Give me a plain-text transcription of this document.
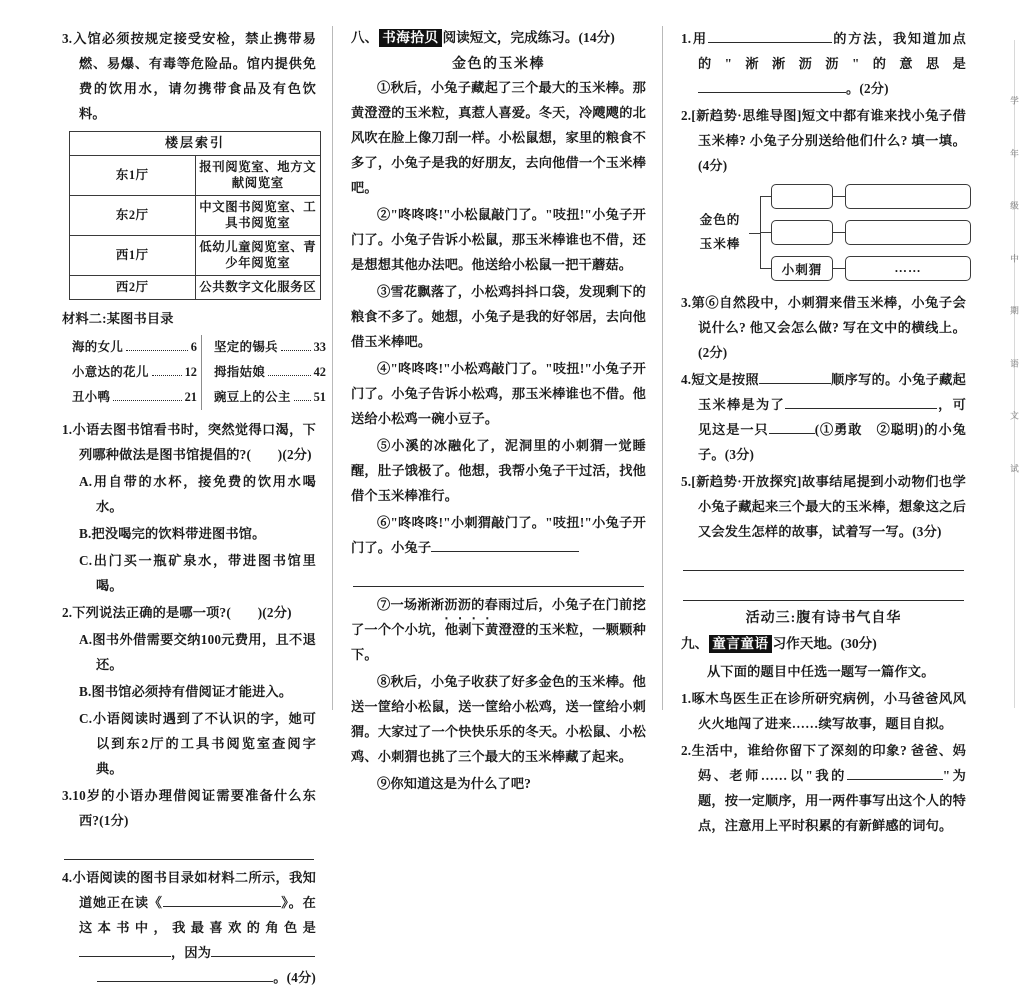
3.入馆必须按规定接受安检，禁止携带易燃、易爆、有毒等危险品。馆内提供免费的饮用水，请勿携带食品及有色饮料。

楼层索引	
东1厅	报刊阅览室、地方文献阅览室
东2厅	中文图书阅览室、工具书阅览室
西1厅	低幼儿童阅览室、青少年阅览室
西2厅	公共数字文化服务区

材料二:某图书目录

海的女儿	6
小意达的花儿	12
丑小鸭	21
坚定的锡兵	33
拇指姑娘	42
豌豆上的公主 51

1.小语去图书馆看书时，突然觉得口渴，下列哪种做法是图书馆提倡的?(　　)(2分)

A.用自带的水杯，接免费的饮用水喝水。

B.把没喝完的饮料带进图书馆。

C.出门买一瓶矿泉水，带进图书馆里喝。

2.下列说法正确的是哪一项?(　　)(2分)

A.图书外借需要交纳100元费用，且不退还。

B.图书馆必须持有借阅证才能进入。

C.小语阅读时遇到了不认识的字，她可以到东2厅的工具书阅览室查阅字典。

3.10岁的小语办理借阅证需要准备什么东西?(1分)

4.小语阅读的图书目录如材料二所示，我知道她正在读《	》。在这本书中，我最喜欢的角色是，因为

。(4分)

八、 书海拾贝 阅读短文，完成练习。(14分)

金色的玉米棒

①秋后，小兔子藏起了三个最大的玉米棒。那黄澄澄的玉米粒，真惹人喜爱。冬天，冷飕飕的北风吹在脸上像刀刮一样。小松鼠想，家里的粮食不多了，小兔子是我的好朋友，去向他借一个玉米棒吧。

②"咚咚咚!"小松鼠敲门了。"吱扭!"小兔子开门了。小兔子告诉小松鼠，那玉米棒谁也不借，还是想想其他办法吧。他送给小松鼠一把干蘑菇。

③雪花飘落了，小松鸡抖抖口袋，发现剩下的粮食不多了。她想，小兔子是我的好邻居，去向他借玉米棒吧。

④"咚咚咚!"小松鸡敲门了。"吱扭!"小兔子开门了。小兔子告诉小松鸡，那玉米棒谁也不借。他送给小松鸡一碗小豆子。

⑤小溪的冰融化了，泥洞里的小刺猬一觉睡醒，肚子饿极了。他想，我帮小兔子干过活，找他借个玉米棒准行。

⑥"咚咚咚!"小刺猬敲门了。"吱扭!"小兔子开门了。小兔子

⑦一场淅淅沥沥 ‧‧‧‧的春雨过后，小兔子在门前挖了一个个小坑，他剥下黄澄澄的玉米粒，一颗颗种下。

⑧秋后，小兔子收获了好多金色的玉米棒。他送一筐给小松鼠，送一筐给小松鸡，送一筐给小刺猬。大家过了一个快快乐乐的冬天。小松鼠、小松鸡、小刺猬也挑了三个最大的玉米棒藏了起来。

⑨你知道这是为什么了吧?

1.用	的方法，我知道加点的"淅淅沥沥"的意思是。(2分)

2.[新趋势·思维导图]短文中都有谁来找小兔子借玉米棒? 小兔子分别送给他们什么? 填一填。(4分)

金色的
玉米棒
小刺猬	……

3.第⑥自然段中，小刺猬来借玉米棒，小兔子会说什么? 他又会怎么做? 写在文中的横线上。(2分)

4.短文是按照	顺序写的。小兔子藏起玉米棒是为了	，可见这是一只	(①勇敢　②聪明)的小兔子。(3分)

5.[新趋势·开放探究]故事结尾提到小动物们也学小兔子藏起来三个最大的玉米棒，想象这之后又会发生怎样的故事，试着写一写。(3分)

活动三:腹有诗书气自华

九、 童言童语 习作天地。(30分)

从下面的题目中任选一题写一篇作文。

1.啄木鸟医生正在诊所研究病例，小马爸爸风风火火地闯了进来……续写故事，题目自拟。

2.生活中，谁给你留下了深刻的印象? 爸爸、妈妈、老师……以"我的	"为题，按一定顺序，用一两件事写出这个人的特点，注意用上平时积累的有新鲜感的词句。

学
年
级
中
期
语
文
试
